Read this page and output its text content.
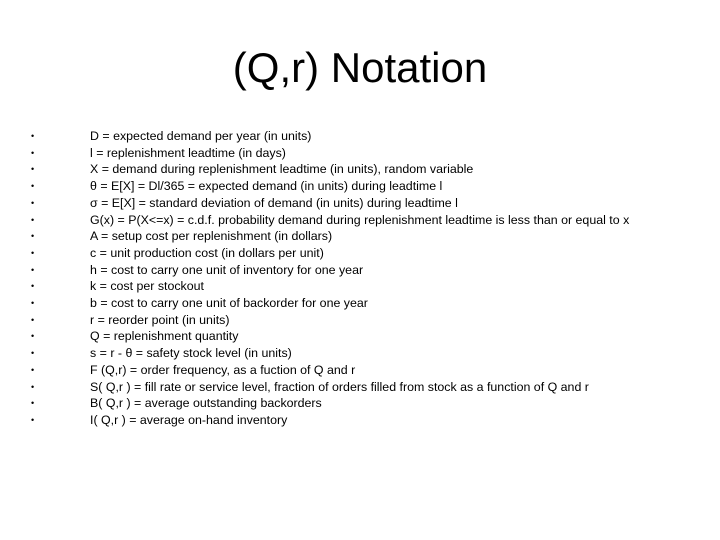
(Q,r) Notation
•	D = expected demand per year (in units)
•	l = replenishment leadtime (in days)
•	X = demand during replenishment leadtime (in units), random variable
•	θ = E[X] = Dl/365 = expected demand (in units) during leadtime l
•	σ = E[X] = standard deviation of demand (in units) during leadtime l
•	G(x) = P(X<=x) = c.d.f. probability demand during replenishment leadtime is less than or equal to x
•	A = setup cost per replenishment (in dollars)
•	c = unit production cost (in dollars per unit)
•	h = cost to carry one unit of inventory for one year
•	k = cost per stockout
•	b = cost to carry one unit of backorder for one year
•	r = reorder point (in units)
•	Q = replenishment quantity
•	s = r - θ = safety stock level (in units)
•	F (Q,r) = order frequency, as a fuction of Q and r
•	S( Q,r ) = fill rate or service level, fraction of orders filled from stock as a function of Q and r
•	B( Q,r ) = average outstanding backorders
•	I( Q,r ) = average on-hand inventory
